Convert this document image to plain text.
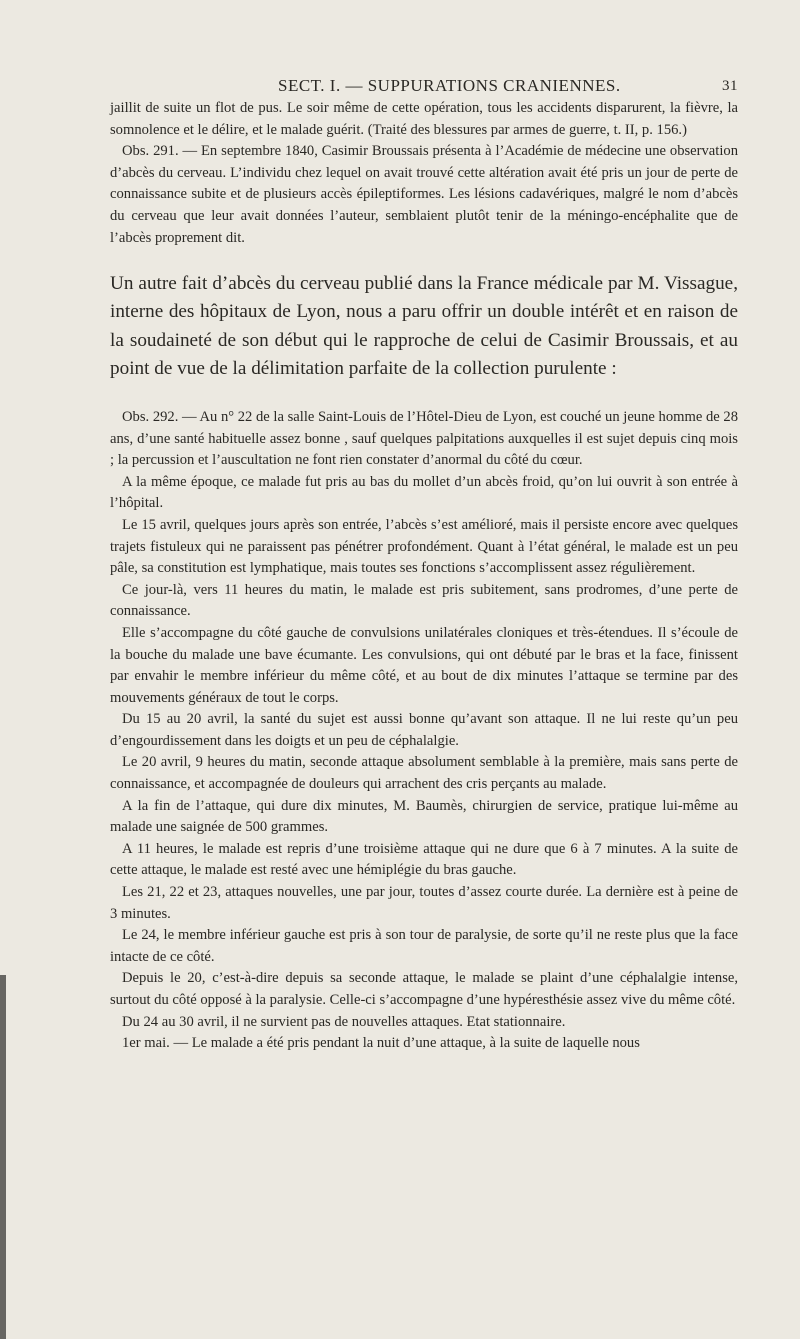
SECT. I. — SUPPURATIONS CRANIENNES.	31

jaillit de suite un flot de pus. Le soir même de cette opération, tous les accidents disparurent, la fièvre, la somnolence et le délire, et le malade guérit. (Traité des blessures par armes de guerre, t. II, p. 156.)

Obs. 291. — En septembre 1840, Casimir Broussais présenta à l’Académie de médecine une observation d’abcès du cerveau. L’individu chez lequel on avait trouvé cette altération avait été pris un jour de perte de connaissance subite et de plusieurs accès épileptiformes. Les lésions cadavériques, malgré le nom d’abcès du cerveau que leur avait données l’auteur, semblaient plutôt tenir de la méningo-encéphalite que de l’abcès proprement dit.

Un autre fait d’abcès du cerveau publié dans la France médicale par M. Vissague, interne des hôpitaux de Lyon, nous a paru offrir un double intérêt et en raison de la soudaineté de son début qui le rapproche de celui de Casimir Broussais, et au point de vue de la délimitation parfaite de la collection purulente :

Obs. 292. — Au n° 22 de la salle Saint-Louis de l’Hôtel-Dieu de Lyon, est couché un jeune homme de 28 ans, d’une santé habituelle assez bonne , sauf quelques palpitations auxquelles il est sujet depuis cinq mois ; la percussion et l’auscultation ne font rien constater d’anormal du côté du cœur.

A la même époque, ce malade fut pris au bas du mollet d’un abcès froid, qu’on lui ouvrit à son entrée à l’hôpital.

Le 15 avril, quelques jours après son entrée, l’abcès s’est amélioré, mais il persiste encore avec quelques trajets fistuleux qui ne paraissent pas pénétrer profondément. Quant à l’état général, le malade est un peu pâle, sa constitution est lymphatique, mais toutes ses fonctions s’accomplissent assez régulièrement.

Ce jour-là, vers 11 heures du matin, le malade est pris subitement, sans prodromes, d’une perte de connaissance.

Elle s’accompagne du côté gauche de convulsions unilatérales cloniques et très-étendues. Il s’écoule de la bouche du malade une bave écumante. Les convulsions, qui ont débuté par le bras et la face, finissent par envahir le membre inférieur du même côté, et au bout de dix minutes l’attaque se termine par des mouvements généraux de tout le corps.

Du 15 au 20 avril, la santé du sujet est aussi bonne qu’avant son attaque. Il ne lui reste qu’un peu d’engourdissement dans les doigts et un peu de céphalalgie.

Le 20 avril, 9 heures du matin, seconde attaque absolument semblable à la première, mais sans perte de connaissance, et accompagnée de douleurs qui arrachent des cris perçants au malade.

A la fin de l’attaque, qui dure dix minutes, M. Baumès, chirurgien de service, pratique lui-même au malade une saignée de 500 grammes.

A 11 heures, le malade est repris d’une troisième attaque qui ne dure que 6 à 7 minutes. A la suite de cette attaque, le malade est resté avec une hémiplégie du bras gauche.

Les 21, 22 et 23, attaques nouvelles, une par jour, toutes d’assez courte durée. La dernière est à peine de 3 minutes.

Le 24, le membre inférieur gauche est pris à son tour de paralysie, de sorte qu’il ne reste plus que la face intacte de ce côté.

Depuis le 20, c’est-à-dire depuis sa seconde attaque, le malade se plaint d’une céphalalgie intense, surtout du côté opposé à la paralysie. Celle-ci s’accompagne d’une hypéresthésie assez vive du même côté.

Du 24 au 30 avril, il ne survient pas de nouvelles attaques. Etat stationnaire.

1er mai. — Le malade a été pris pendant la nuit d’une attaque, à la suite de laquelle nous
